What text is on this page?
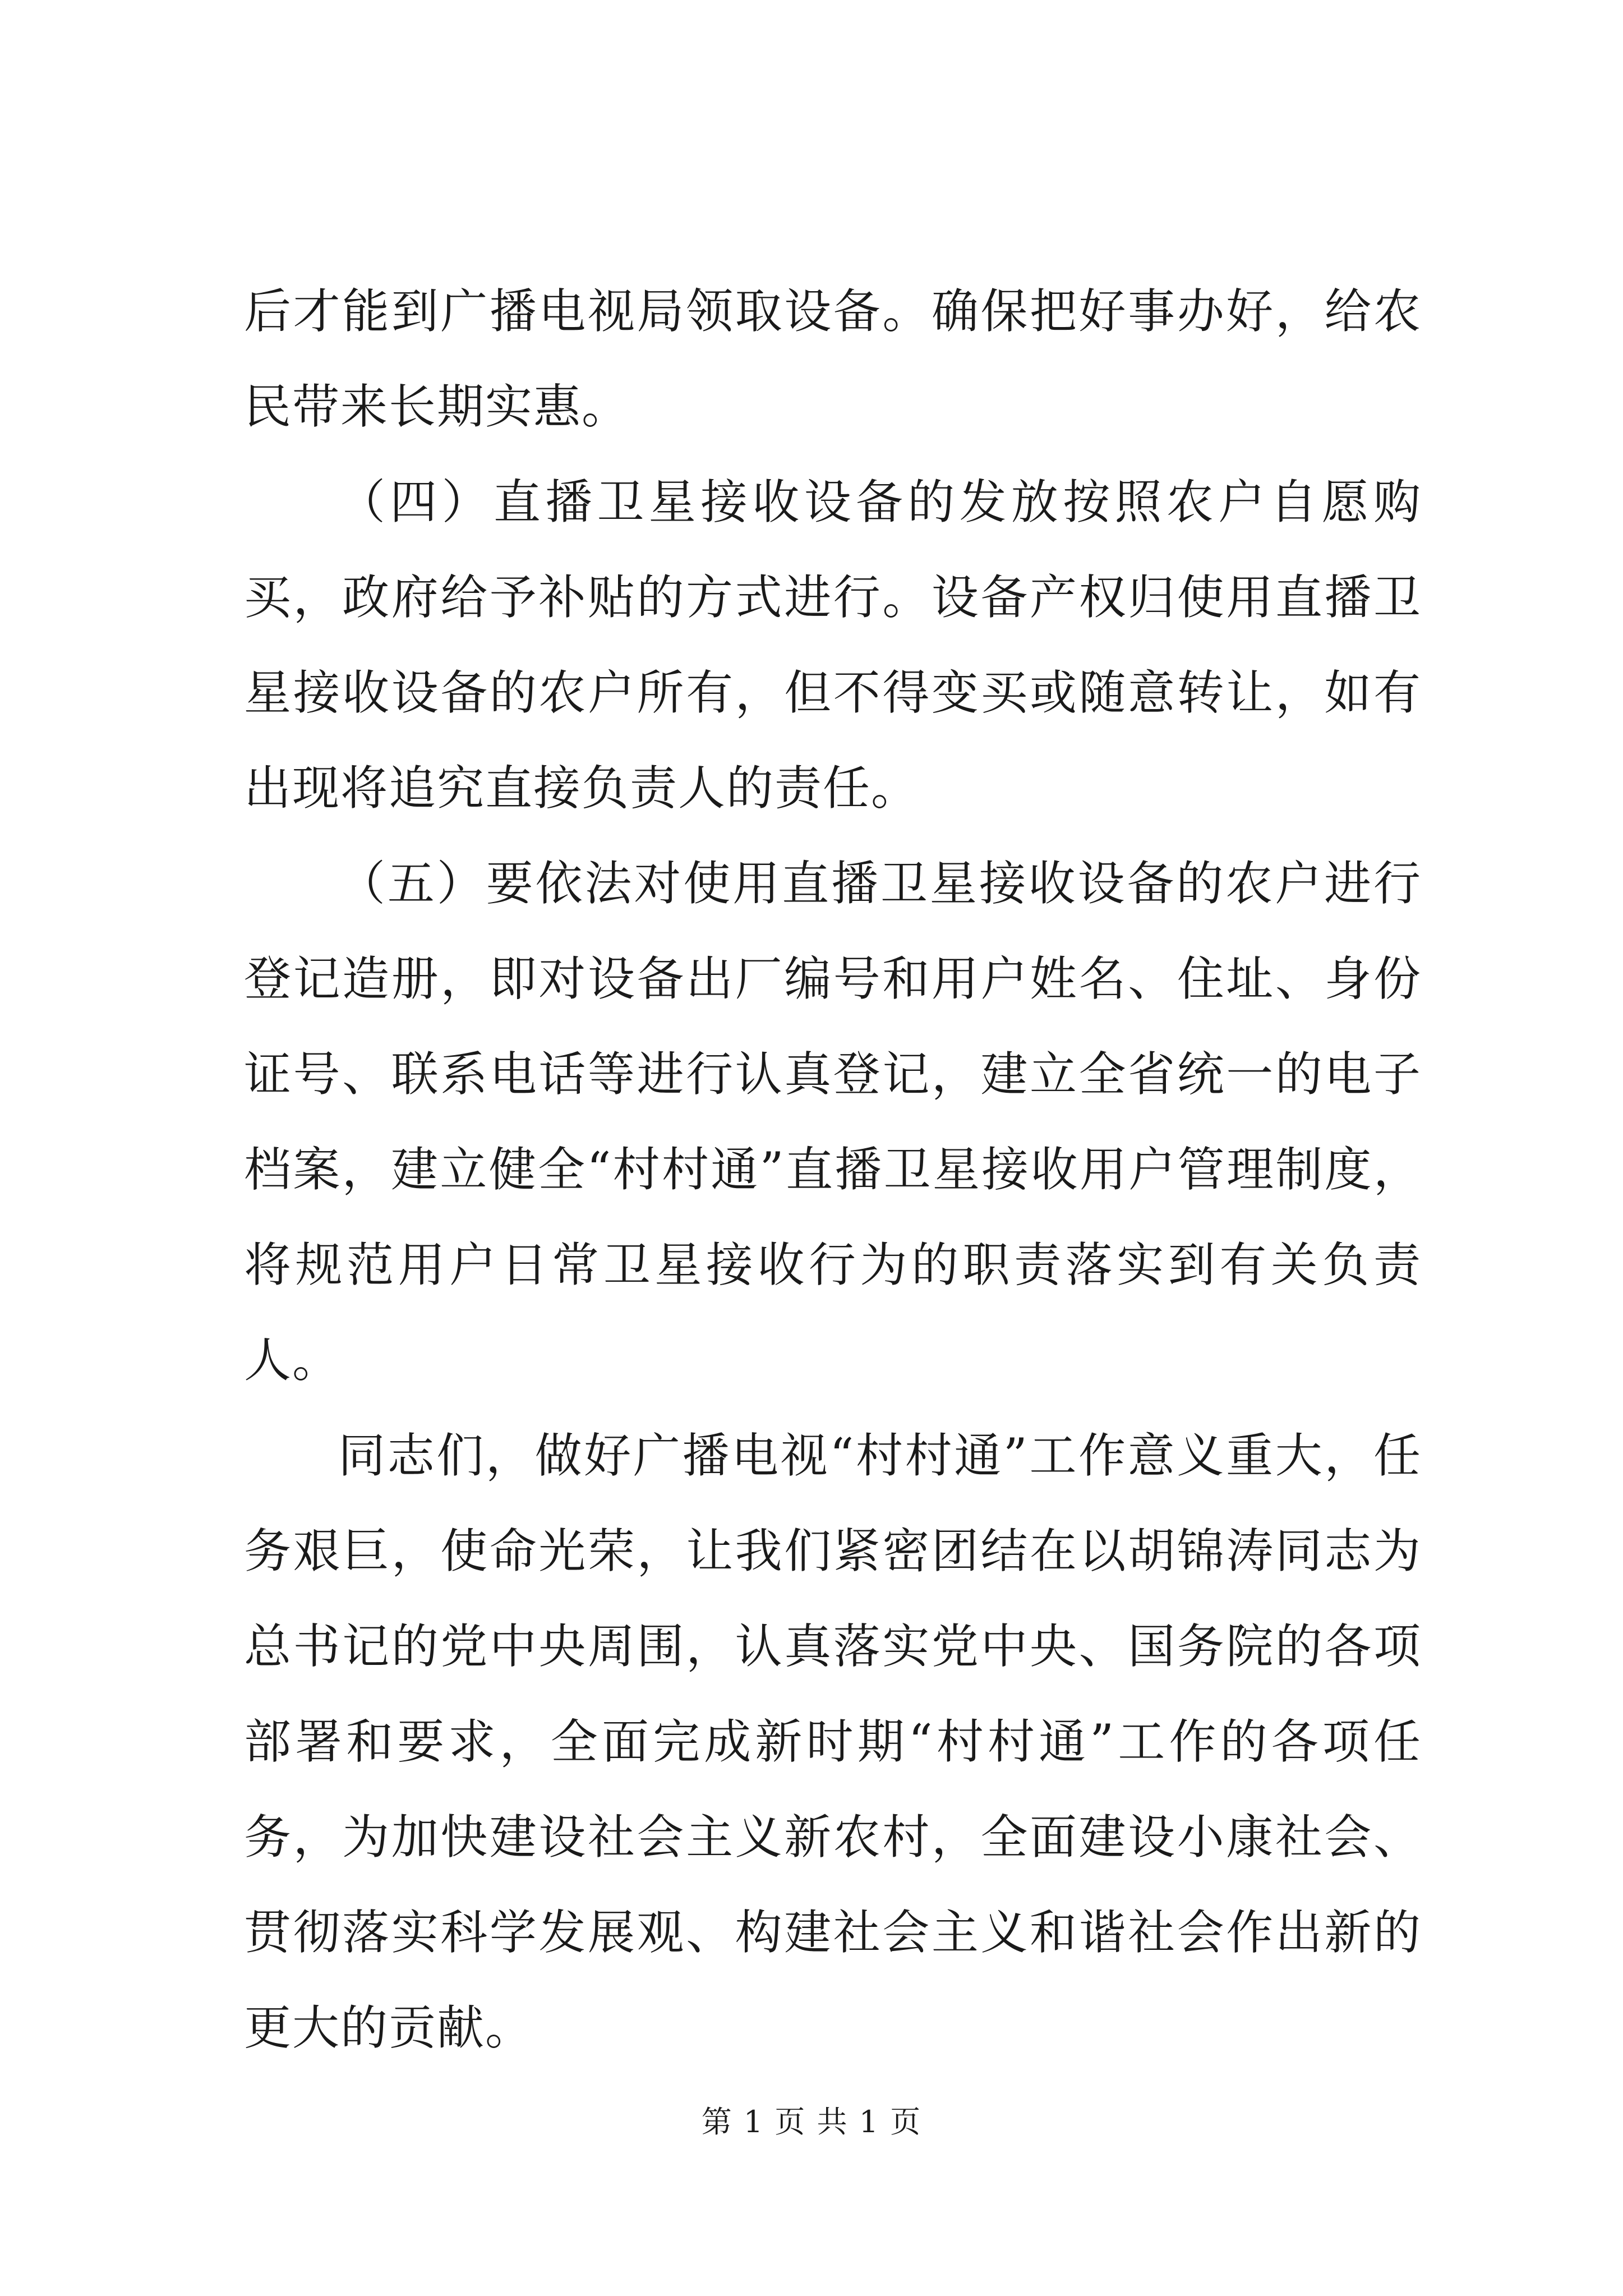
后才能到广播电视局领取设备。确保把好事办好，给农民带来长期实惠。

（四）直播卫星接收设备的发放按照农户自愿购买，政府给予补贴的方式进行。设备产权归使用直播卫星接收设备的农户所有，但不得变买或随意转让，如有出现将追究直接负责人的责任。

（五）要依法对使用直播卫星接收设备的农户进行登记造册，即对设备出厂编号和用户姓名、住址、身份证号、联系电话等进行认真登记，建立全省统一的电子档案，建立健全“村村通”直播卫星接收用户管理制度，将规范用户日常卫星接收行为的职责落实到有关负责人。

同志们，做好广播电视“村村通”工作意义重大，任务艰巨，使命光荣，让我们紧密团结在以胡锦涛同志为总书记的党中央周围，认真落实党中央、国务院的各项部署和要求，全面完成新时期“村村通”工作的各项任务，为加快建设社会主义新农村，全面建设小康社会、贯彻落实科学发展观、构建社会主义和谐社会作出新的更大的贡献。

第 1 页 共 1 页
